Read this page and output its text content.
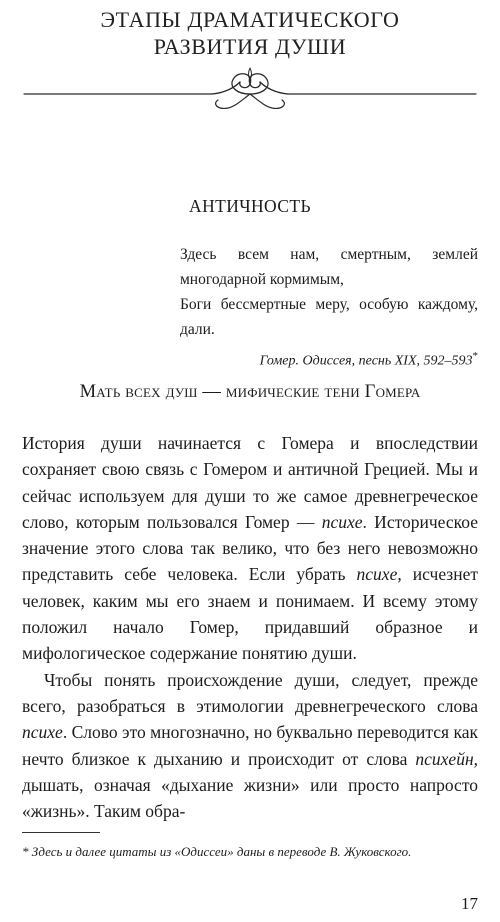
ЭТАПЫ ДРАМАТИЧЕСКОГО
РАЗВИТИЯ ДУШИ
АНТИЧНОСТЬ

Здесь всем нам, смертным, землей многодарной кормимым,

Боги бессмертные меру, особую каждому, дали.

Гомер. Одиссея, песнь XIX, 592–593*

Мать всех душ — мифические тени Гомера

История души начинается с Гомера и впоследствии сохраняет свою связь с Гомером и античной Грецией. Мы и сейчас используем для души то же самое древнегреческое слово, которым пользовался Гомер — психе. Историческое значение этого слова так велико, что без него невозможно представить себе человека. Если убрать психе, исчезнет человек, каким мы его знаем и понимаем. И всему этому положил начало Гомер, придавший образное и мифологическое содержание понятию души.

Чтобы понять происхождение души, следует, прежде всего, разобраться в этимологии древнегреческого слова психе. Слово это многозначно, но буквально переводится как нечто близкое к дыханию и происходит от слова психейн, дышать, означая «дыхание жизни» или просто напросто «жизнь». Таким обра-

* Здесь и далее цитаты из «Одиссеи» даны в переводе В. Жуковского.
17
